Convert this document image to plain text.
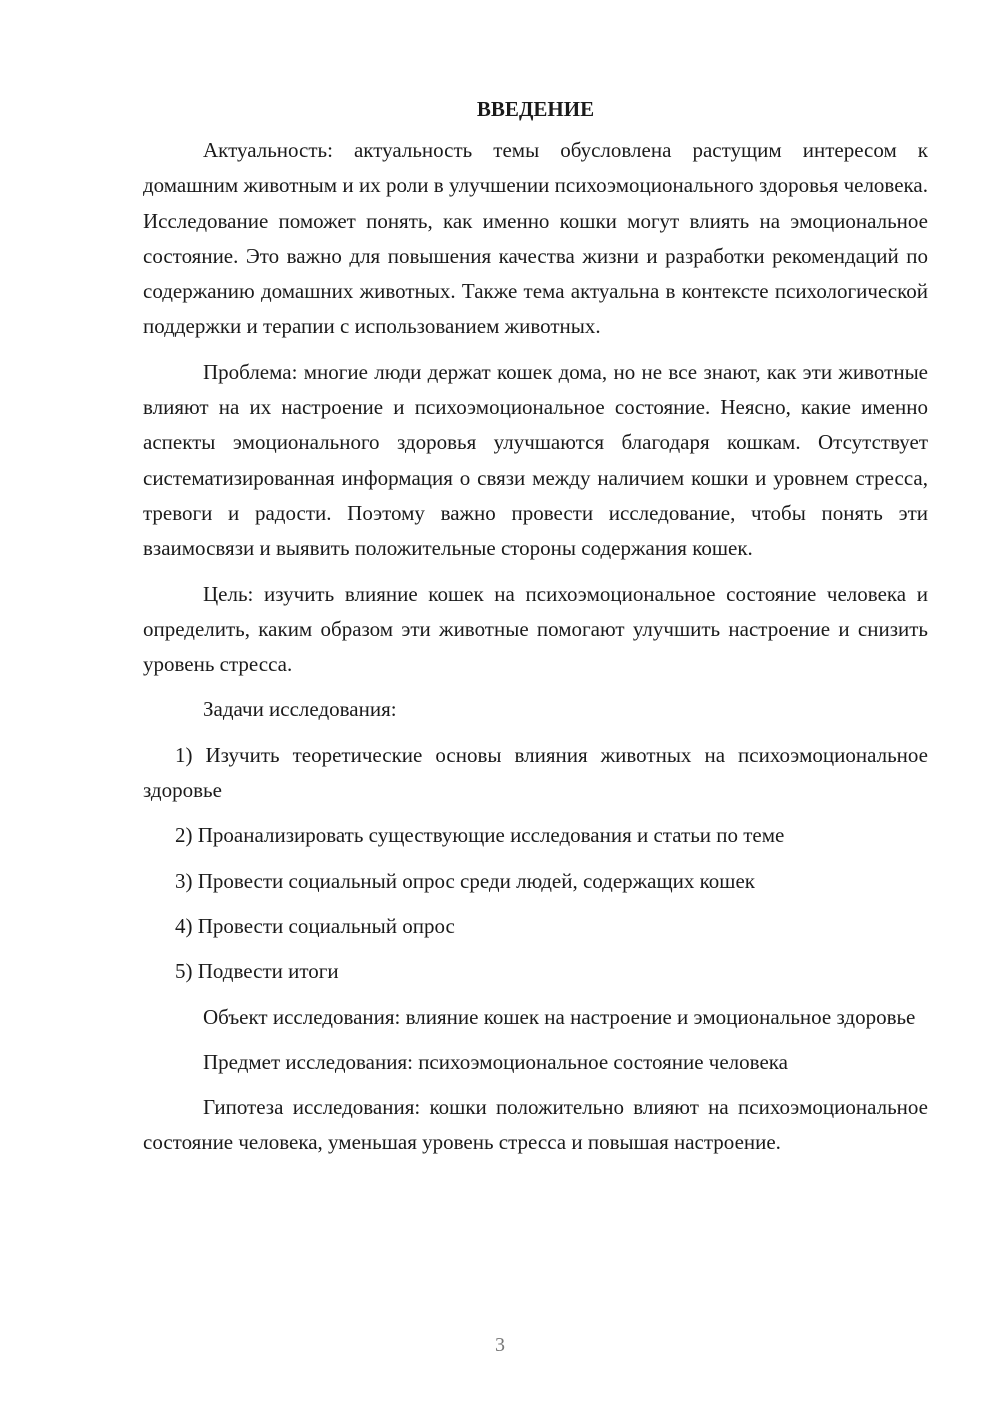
ВВЕДЕНИЕ

Актуальность: актуальность темы обусловлена растущим интересом к домашним животным и их роли в улучшении психоэмоционального здоровья человека. Исследование поможет понять, как именно кошки могут влиять на эмоциональное состояние. Это важно для повышения качества жизни и разработки рекомендаций по содержанию домашних животных. Также тема актуальна в контексте психологической поддержки и терапии с использованием животных.

Проблема: многие люди держат кошек дома, но не все знают, как эти животные влияют на их настроение и психоэмоциональное состояние. Неясно, какие именно аспекты эмоционального здоровья улучшаются благодаря кошкам. Отсутствует систематизированная информация о связи между наличием кошки и уровнем стресса, тревоги и радости. Поэтому важно провести исследование, чтобы понять эти взаимосвязи и выявить положительные стороны содержания кошек.

Цель: изучить влияние кошек на психоэмоциональное состояние человека и определить, каким образом эти животные помогают улучшить настроение и снизить уровень стресса.

Задачи исследования:

1) Изучить теоретические основы влияния животных на психоэмоциональное здоровье

2) Проанализировать существующие исследования и статьи по теме

3) Провести социальный опрос среди людей, содержащих кошек

4) Провести социальный опрос

5) Подвести итоги

Объект исследования: влияние кошек на настроение и эмоциональное здоровье

Предмет исследования: психоэмоциональное состояние человека

Гипотеза исследования: кошки положительно влияют на психоэмоциональное состояние человека, уменьшая уровень стресса и повышая настроение.

3
